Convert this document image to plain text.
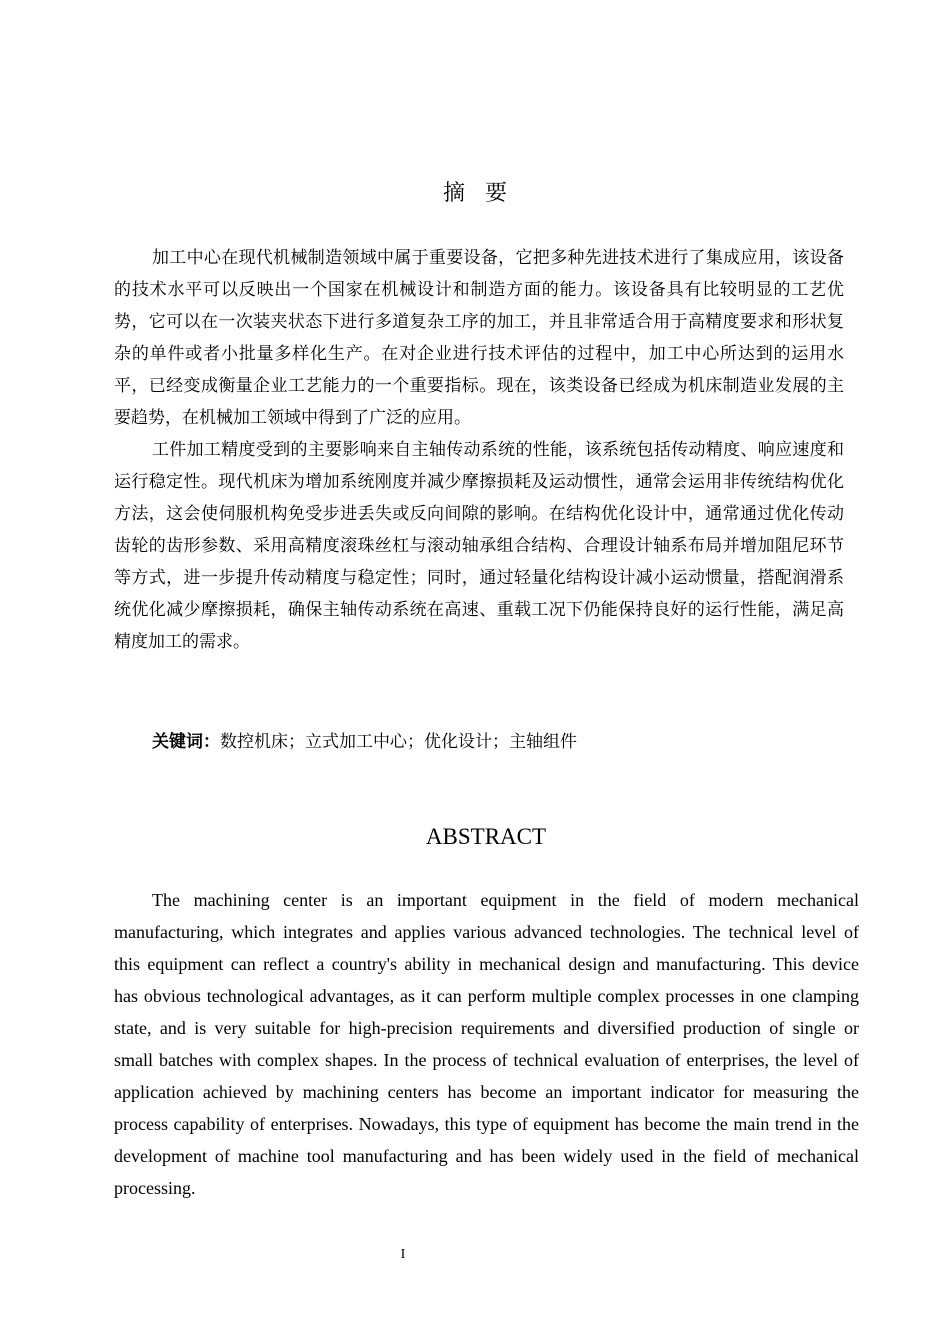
摘要

加工中心在现代机械制造领域中属于重要设备，它把多种先进技术进行了集成应用，该设备的技术水平可以反映出一个国家在机械设计和制造方面的能力。该设备具有比较明显的工艺优势，它可以在一次装夹状态下进行多道复杂工序的加工，并且非常适合用于高精度要求和形状复杂的单件或者小批量多样化生产。在对企业进行技术评估的过程中，加工中心所达到的运用水平，已经变成衡量企业工艺能力的一个重要指标。现在，该类设备已经成为机床制造业发展的主要趋势，在机械加工领域中得到了广泛的应用。

工件加工精度受到的主要影响来自主轴传动系统的性能，该系统包括传动精度、响应速度和运行稳定性。现代机床为增加系统刚度并减少摩擦损耗及运动惯性，通常会运用非传统结构优化方法，这会使伺服机构免受步进丢失或反向间隙的影响。在结构优化设计中，通常通过优化传动齿轮的齿形参数、采用高精度滚珠丝杠与滚动轴承组合结构、合理设计轴系布局并增加阻尼环节等方式，进一步提升传动精度与稳定性；同时，通过轻量化结构设计减小运动惯量，搭配润滑系统优化减少摩擦损耗，确保主轴传动系统在高速、重载工况下仍能保持良好的运行性能，满足高精度加工的需求。

关键词：数控机床；立式加工中心；优化设计；主轴组件
ABSTRACT

The machining center is an important equipment in the field of modern mechanical manufacturing, which integrates and applies various advanced technologies. The technical level of this equipment can reflect a country's ability in mechanical design and manufacturing. This device has obvious technological advantages, as it can perform multiple complex processes in one clamping state, and is very suitable for high-precision requirements and diversified production of single or small batches with complex shapes. In the process of technical evaluation of enterprises, the level of application achieved by machining centers has become an important indicator for measuring the process capability of enterprises. Nowadays, this type of equipment has become the main trend in the development of machine tool manufacturing and has been widely used in the field of mechanical processing.

I
